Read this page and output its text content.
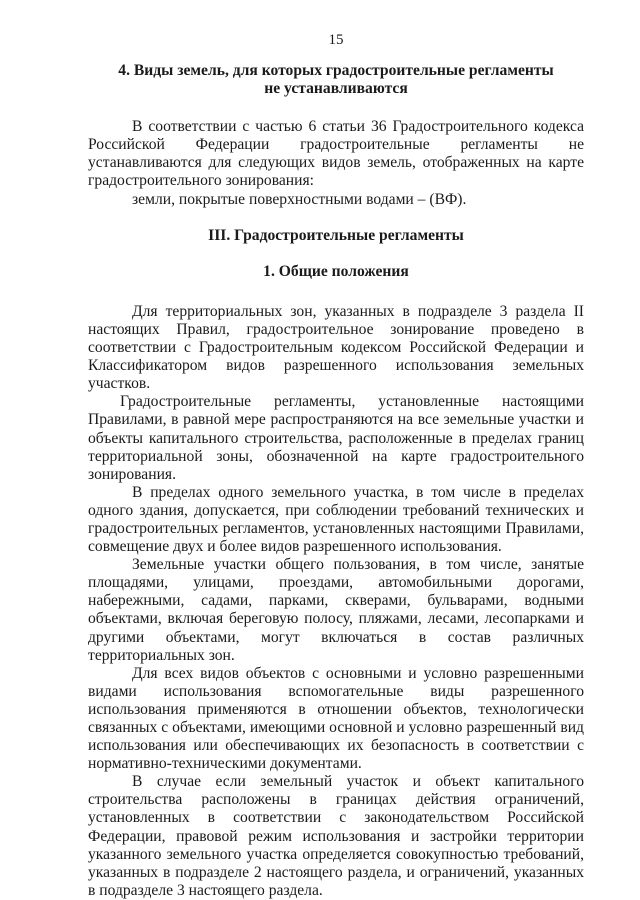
15

4. Виды земель, для которых градостроительные регламенты
не устанавливаются

В соответствии с частью 6 статьи 36 Градостроительного кодекса Российской Федерации градостроительные регламенты не устанавливаются для следующих видов земель, отображенных на карте градостроительного зонирования:

земли, покрытые поверхностными водами – (ВФ).

III. Градостроительные регламенты

1. Общие положения

Для территориальных зон, указанных в подразделе 3 раздела II настоящих Правил, градостроительное зонирование проведено в соответствии с Градостроительным кодексом Российской Федерации и Классификатором видов разрешенного использования земельных участков.

Градостроительные регламенты, установленные настоящими Правилами, в равной мере распространяются на все земельные участки и объекты капитального строительства, расположенные в пределах границ территориальной зоны, обозначенной на карте градостроительного зонирования.

В пределах одного земельного участка, в том числе в пределах одного здания, допускается, при соблюдении требований технических и градостроительных регламентов, установленных настоящими Правилами, совмещение двух и более видов разрешенного использования.

Земельные участки общего пользования, в том числе, занятые площадями, улицами, проездами, автомобильными дорогами, набережными, садами, парками, скверами, бульварами, водными объектами, включая береговую полосу, пляжами, лесами, лесопарками и другими объектами, могут включаться в состав различных территориальных зон.

Для всех видов объектов с основными и условно разрешенными видами использования вспомогательные виды разрешенного использования применяются в отношении объектов, технологически связанных с объектами, имеющими основной и условно разрешенный вид использования или обеспечивающих их безопасность в соответствии с нормативно-техническими документами.

В случае если земельный участок и объект капитального строительства расположены в границах действия ограничений, установленных в соответствии с законодательством Российской Федерации, правовой режим использования и застройки территории указанного земельного участка определяется совокупностью требований, указанных в подразделе 2 настоящего раздела, и ограничений, указанных в подразделе 3 настоящего раздела.
